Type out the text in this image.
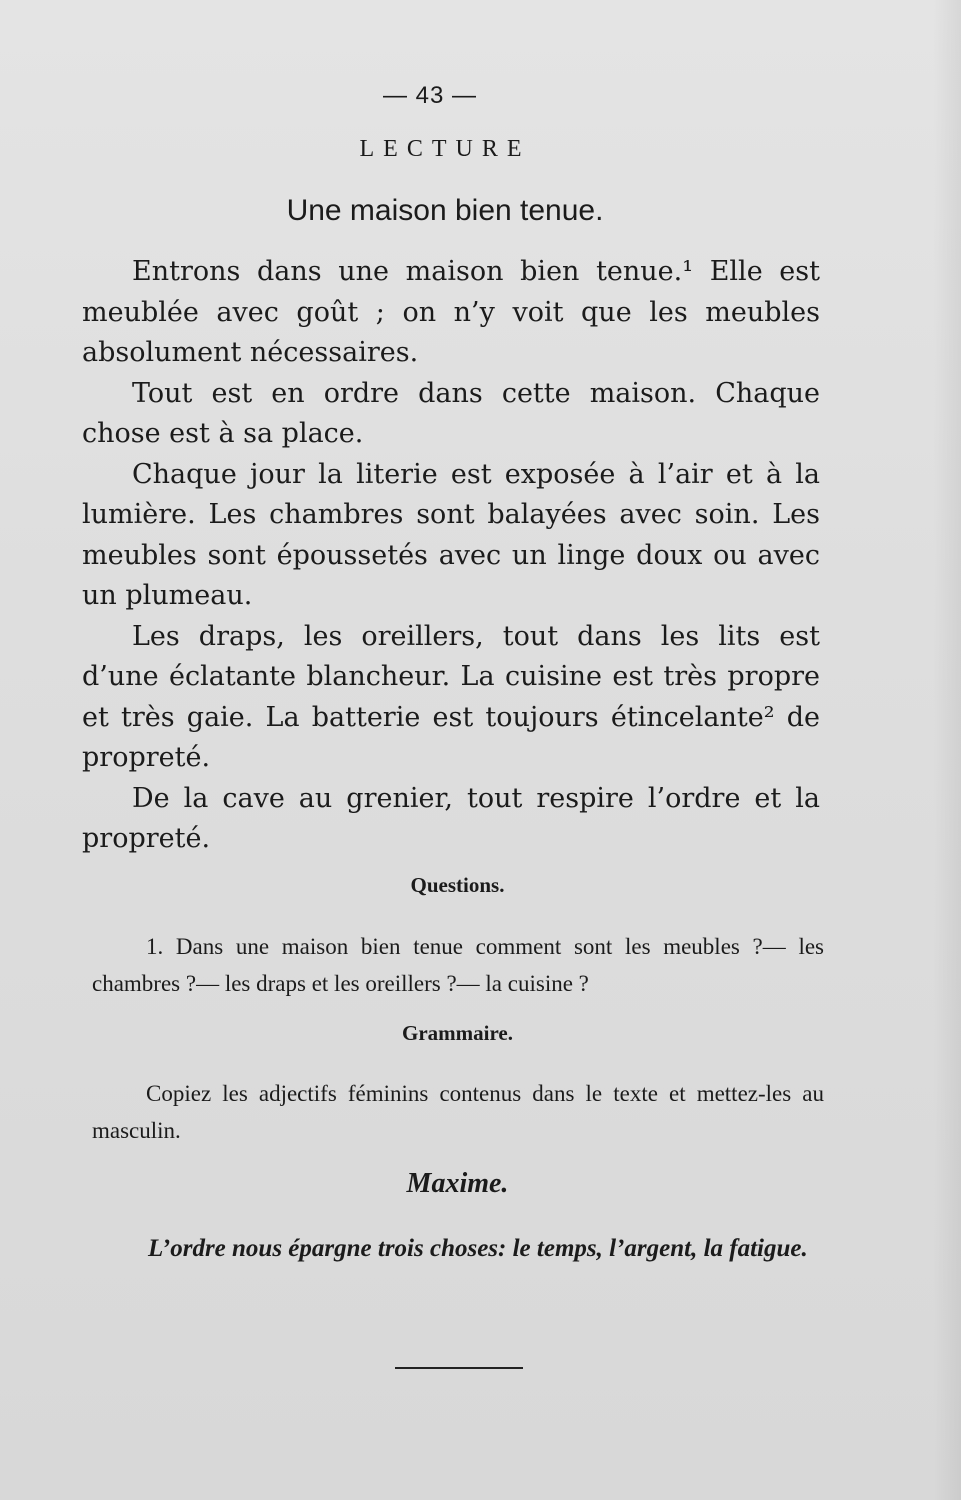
— 43 —
LECTURE
Une maison bien tenue.

Entrons dans une maison bien tenue.¹ Elle est meublée avec goût ; on n’y voit que les meubles absolument nécessaires.

Tout est en ordre dans cette maison. Chaque chose est à sa place.

Chaque jour la literie est exposée à l’air et à la lumière. Les chambres sont balayées avec soin. Les meubles sont époussetés avec un linge doux ou avec un plumeau.

Les draps, les oreillers, tout dans les lits est d’une éclatante blancheur. La cuisine est très propre et très gaie. La batterie est toujours étincelante² de propreté.

De la cave au grenier, tout respire l’ordre et la propreté.

Questions.

1. Dans une maison bien tenue comment sont les meubles ?— les chambres ?— les draps et les oreillers ?— la cuisine ?

Grammaire.

Copiez les adjectifs féminins contenus dans le texte et mettez-les au masculin.

Maxime.

L’ordre nous épargne trois choses: le temps, l’argent, la fatigue.
